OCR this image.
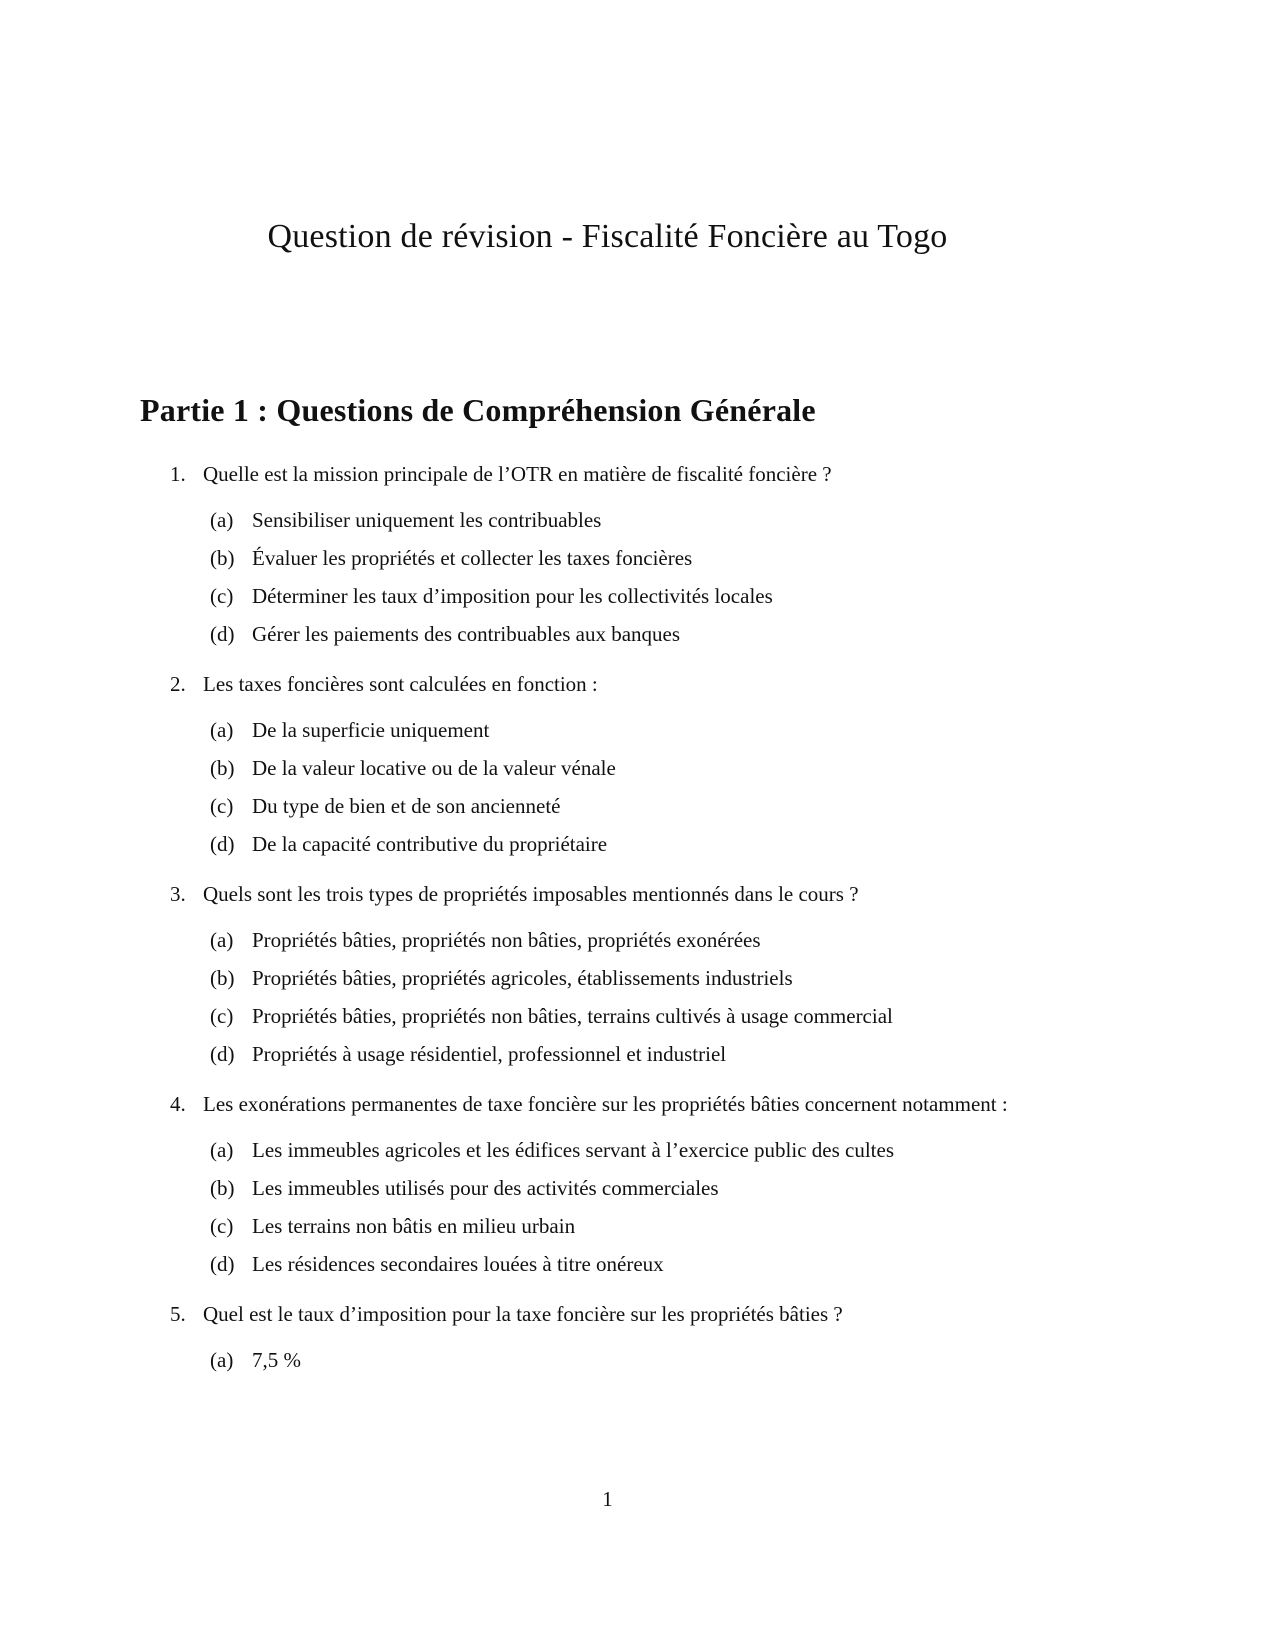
Question de révision - Fiscalité Foncière au Togo
Partie 1 : Questions de Compréhension Générale
1. Quelle est la mission principale de l’OTR en matière de fiscalité foncière ?
(a) Sensibiliser uniquement les contribuables
(b) Évaluer les propriétés et collecter les taxes foncières
(c) Déterminer les taux d’imposition pour les collectivités locales
(d) Gérer les paiements des contribuables aux banques
2. Les taxes foncières sont calculées en fonction :
(a) De la superficie uniquement
(b) De la valeur locative ou de la valeur vénale
(c) Du type de bien et de son ancienneté
(d) De la capacité contributive du propriétaire
3. Quels sont les trois types de propriétés imposables mentionnés dans le cours ?
(a) Propriétés bâties, propriétés non bâties, propriétés exonérées
(b) Propriétés bâties, propriétés agricoles, établissements industriels
(c) Propriétés bâties, propriétés non bâties, terrains cultivés à usage commercial
(d) Propriétés à usage résidentiel, professionnel et industriel
4. Les exonérations permanentes de taxe foncière sur les propriétés bâties concernent notamment :
(a) Les immeubles agricoles et les édifices servant à l’exercice public des cultes
(b) Les immeubles utilisés pour des activités commerciales
(c) Les terrains non bâtis en milieu urbain
(d) Les résidences secondaires louées à titre onéreux
5. Quel est le taux d’imposition pour la taxe foncière sur les propriétés bâties ?
(a) 7,5 %
1
